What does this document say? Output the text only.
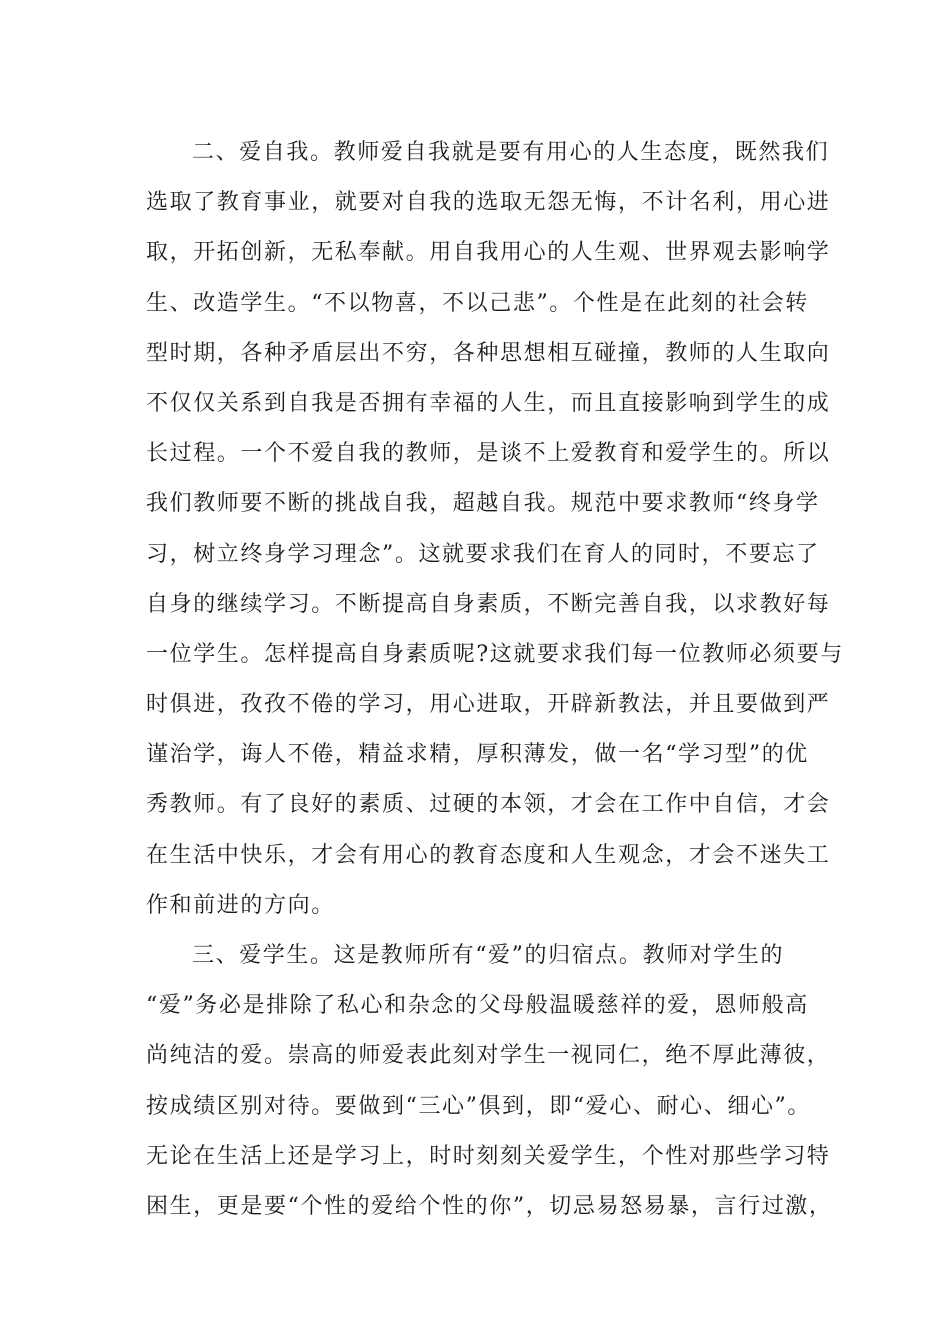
二、爱自我。教师爱自我就是要有用心的人生态度，既然我们
选取了教育事业，就要对自我的选取无怨无悔，不计名利，用心进
取，开拓创新，无私奉献。用自我用心的人生观、世界观去影响学
生、改造学生。“不以物喜，不以己悲”。个性是在此刻的社会转
型时期，各种矛盾层出不穷，各种思想相互碰撞，教师的人生取向
不仅仅关系到自我是否拥有幸福的人生，而且直接影响到学生的成
长过程。一个不爱自我的教师，是谈不上爱教育和爱学生的。所以
我们教师要不断的挑战自我，超越自我。规范中要求教师“终身学
习，树立终身学习理念”。这就要求我们在育人的同时，不要忘了
自身的继续学习。不断提高自身素质，不断完善自我，以求教好每
一位学生。怎样提高自身素质呢?这就要求我们每一位教师必须要与
时俱进，孜孜不倦的学习，用心进取，开辟新教法，并且要做到严
谨治学，诲人不倦，精益求精，厚积薄发，做一名“学习型”的优
秀教师。有了良好的素质、过硬的本领，才会在工作中自信，才会
在生活中快乐，才会有用心的教育态度和人生观念，才会不迷失工
作和前进的方向。
三、爱学生。这是教师所有“爱”的归宿点。教师对学生的
“爱”务必是排除了私心和杂念的父母般温暖慈祥的爱，恩师般高
尚纯洁的爱。崇高的师爱表此刻对学生一视同仁，绝不厚此薄彼，
按成绩区别对待。要做到“三心”俱到，即“爱心、耐心、细心”。
无论在生活上还是学习上，时时刻刻关爱学生，个性对那些学习特
困生，更是要“个性的爱给个性的你”，切忌易怒易暴，言行过激，
